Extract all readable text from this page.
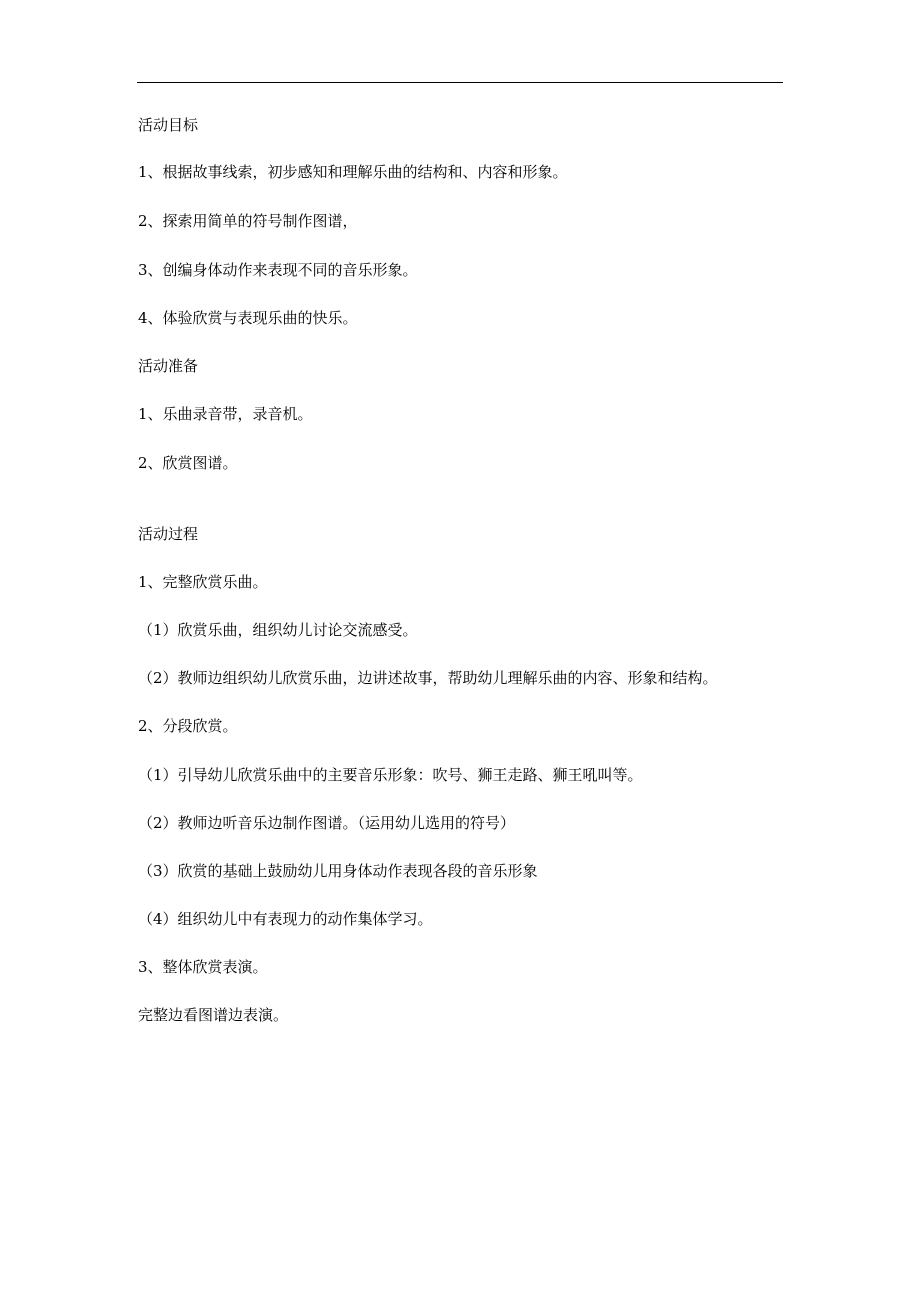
活动目标
1、根据故事线索，初步感知和理解乐曲的结构和、内容和形象。
2、探索用简单的符号制作图谱，
3、创编身体动作来表现不同的音乐形象。
4、体验欣赏与表现乐曲的快乐。
活动准备
1、乐曲录音带，录音机。
2、欣赏图谱。
活动过程
1、完整欣赏乐曲。
（1）欣赏乐曲，组织幼儿讨论交流感受。
（2）教师边组织幼儿欣赏乐曲，边讲述故事，帮助幼儿理解乐曲的内容、形象和结构。
2、分段欣赏。
（1）引导幼儿欣赏乐曲中的主要音乐形象：吹号、狮王走路、狮王吼叫等。
（2）教师边听音乐边制作图谱。（运用幼儿选用的符号）
（3）欣赏的基础上鼓励幼儿用身体动作表现各段的音乐形象
（4）组织幼儿中有表现力的动作集体学习。
3、整体欣赏表演。
完整边看图谱边表演。
